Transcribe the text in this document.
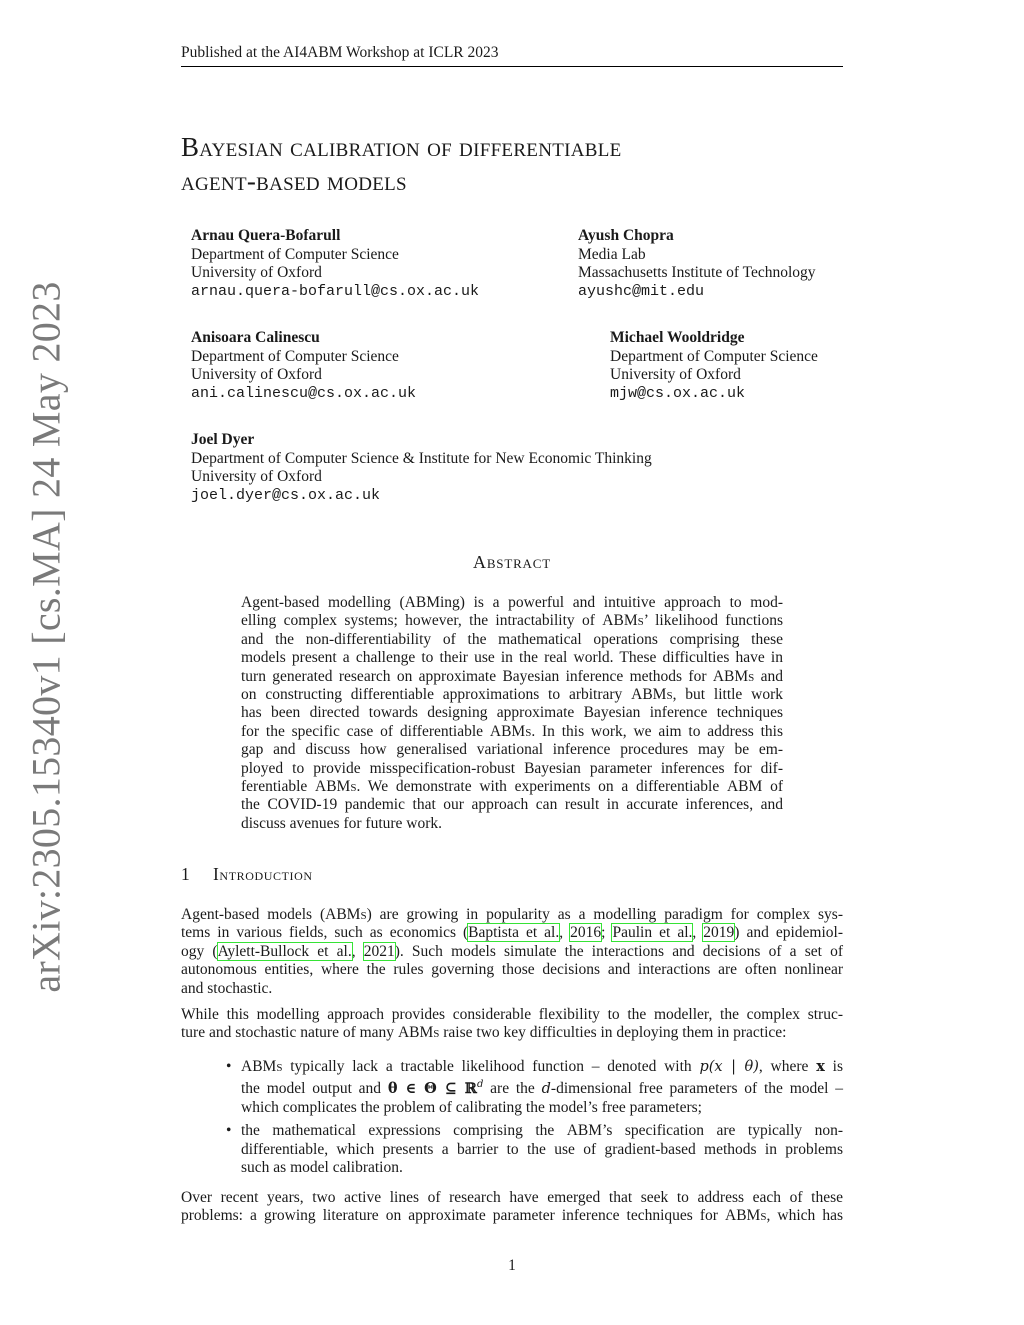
Published at the AI4ABM Workshop at ICLR 2023
arXiv:2305.15340v1 [cs.MA] 24 May 2023
Bayesian calibration of differentiable
agent-based models
Arnau Quera-Bofarull
Department of Computer Science
University of Oxford
arnau.quera-bofarull@cs.ox.ac.uk
Ayush Chopra
Media Lab
Massachusetts Institute of Technology
ayushc@mit.edu
Anisoara Calinescu
Department of Computer Science
University of Oxford
ani.calinescu@cs.ox.ac.uk
Michael Wooldridge
Department of Computer Science
University of Oxford
mjw@cs.ox.ac.uk
Joel Dyer
Department of Computer Science & Institute for New Economic Thinking
University of Oxford
joel.dyer@cs.ox.ac.uk
Abstract
Agent-based modelling (ABMing) is a powerful and intuitive approach to mod-
elling complex systems; however, the intractability of ABMs’ likelihood functions
and the non-differentiability of the mathematical operations comprising these
models present a challenge to their use in the real world. These difficulties have in
turn generated research on approximate Bayesian inference methods for ABMs and
on constructing differentiable approximations to arbitrary ABMs, but little work
has been directed towards designing approximate Bayesian inference techniques
for the specific case of differentiable ABMs. In this work, we aim to address this
gap and discuss how generalised variational inference procedures may be em-
ployed to provide misspecification-robust Bayesian parameter inferences for dif-
ferentiable ABMs. We demonstrate with experiments on a differentiable ABM of
the COVID-19 pandemic that our approach can result in accurate inferences, and
discuss avenues for future work.
1 Introduction
Agent-based models (ABMs) are growing in popularity as a modelling paradigm for complex sys-
tems in various fields, such as economics (Baptista et al., 2016; Paulin et al., 2019) and epidemiol-
ogy (Aylett-Bullock et al., 2021). Such models simulate the interactions and decisions of a set of
autonomous entities, where the rules governing those decisions and interactions are often nonlinear
and stochastic.
While this modelling approach provides considerable flexibility to the modeller, the complex struc-
ture and stochastic nature of many ABMs raise two key difficulties in deploying them in practice:
• ABMs typically lack a tractable likelihood function – denoted with p(x | θ), where x is
the model output and θ ∈ Θ ⊆ ℝ$^d$ are the d-dimensional free parameters of the model –
which complicates the problem of calibrating the model’s free parameters;
• the mathematical expressions comprising the ABM’s specification are typically non-
differentiable, which presents a barrier to the use of gradient-based methods in problems
such as model calibration.
Over recent years, two active lines of research have emerged that seek to address each of these
problems: a growing literature on approximate parameter inference techniques for ABMs, which has
1
